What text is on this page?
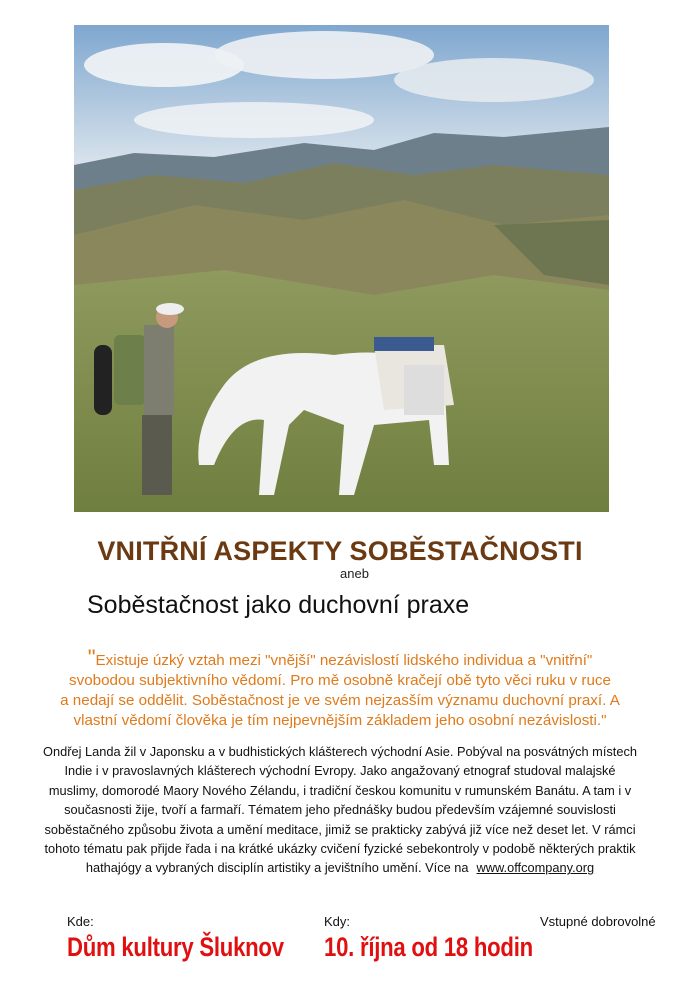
VNITŘNÍ ASPEKTY SOBĚSTAČNOSTI
aneb
Soběstačnost jako duchovní praxe
"Existuje úzký vztah mezi "vnější" nezávislostí lidského individua a "vnitřní"
svobodou subjektivního vědomí. Pro mě osobně kračejí obě tyto věci ruku v ruce
a nedají se oddělit. Soběstačnost je ve svém nejzasším významu duchovní praxí. A
vlastní vědomí člověka je tím nejpevnějším základem jeho osobní nezávislosti."
Ondřej Landa žil v Japonsku a v budhistických klášterech východní Asie. Pobýval na posvátných místech
Indie i v pravoslavných klášterech východní Evropy. Jako angažovaný etnograf studoval malajské
muslimy, domorodé Maory Nového Zélandu, i tradiční českou komunitu v rumunském Banátu. A tam i v
současnosti žije, tvoří a farmaří. Tématem jeho přednášky budou především vzájemné souvislosti
soběstačného způsobu života a umění meditace, jimiž se prakticky zabývá již více než deset let. V rámci
tohoto tématu pak přijde řada i na krátké ukázky cvičení fyzické sebekontroly v podobě některých praktik
hathajógy a vybraných disciplín artistiky a jevištního umění. Více na www.offcompany.org
Kde:
Dům kultury Šluknov
Kdy:
10. října od 18 hodin
Vstupné dobrovolné
